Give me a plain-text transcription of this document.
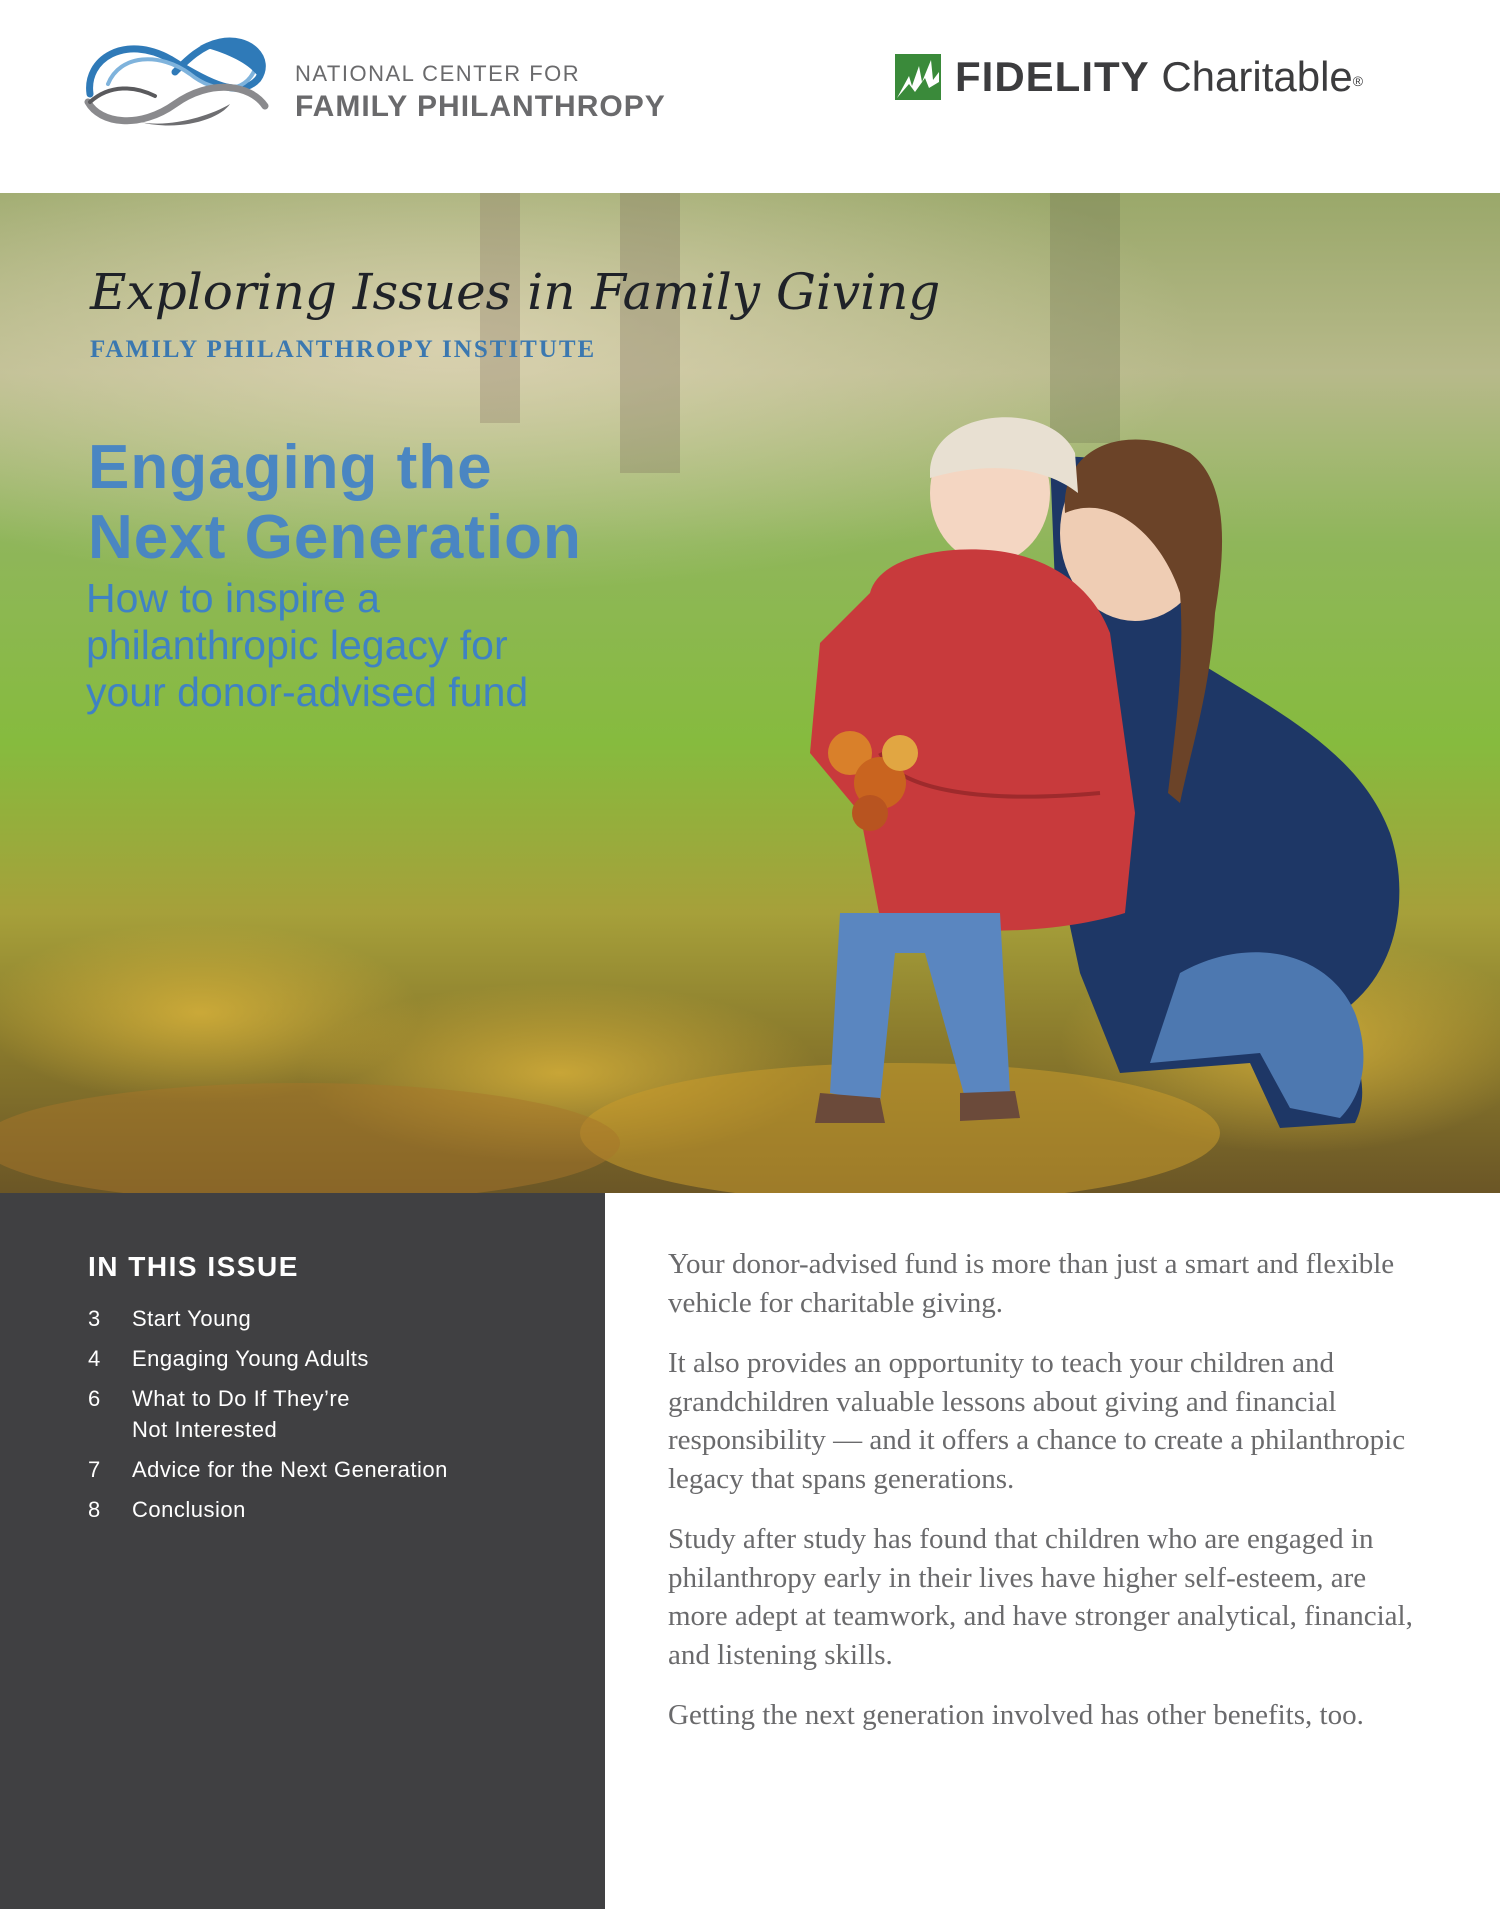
NATIONAL CENTER FOR
FAMILY PHILANTHROPY
FIDELITY Charitable®
Exploring Issues in Family Giving
FAMILY PHILANTHROPY INSTITUTE
Engaging the
Next Generation
How to inspire a
philanthropic legacy for
your donor-advised fund
IN THIS ISSUE
3	Start Young
4	Engaging Young Adults
6	What to Do If They’re Not Interested
7	Advice for the Next Generation
8	Conclusion

Your donor-advised fund is more than just a smart and flexible vehicle for charitable giving.

It also provides an opportunity to teach your children and grandchildren valuable lessons about giving and financial responsibility — and it offers a chance to create a philanthropic legacy that spans generations.

Study after study has found that children who are engaged in philanthropy early in their lives have higher self-esteem, are more adept at teamwork, and have stronger analytical, financial, and listening skills.

Getting the next generation involved has other benefits, too.
